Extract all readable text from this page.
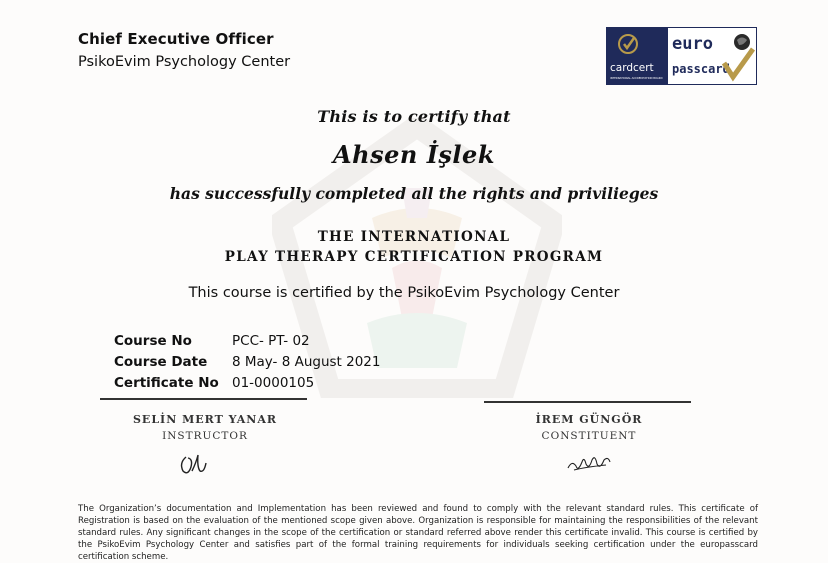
Chief Executive Officer
PsikoEvim Psychology Center	cardcert
INTERNATIONAL ACCREDITATION BOARD
euro
passcard
This is to certify that
Ahsen İşlek
has successfully completed all the rights and privilieges
THE INTERNATIONAL
PLAY THERAPY CERTIFICATION PROGRAM
This course is certified by the PsikoEvim Psychology Center
Course No	PCC- PT- 02
Course Date	8 May- 8 August 2021
Certificate No 01-0000105
SELİN MERT YANAR
INSTRUCTOR
İREM GÜNGÖR
CONSTITUENT
The Organization’s documentation and Implementation has been reviewed and found to comply with the relevant standard rules. This certificate of Registration is based on the evaluation of the mentioned scope given above. Organization is responsible for maintaining the responsibilities of the relevant standard rules. Any significant changes in the scope of the certification or standard referred above render this certificate invalid. This course is certified by the PsikoEvim Psychology Center and satisfies part of the formal training requirements for individuals seeking certification under the europasscard certification scheme.
